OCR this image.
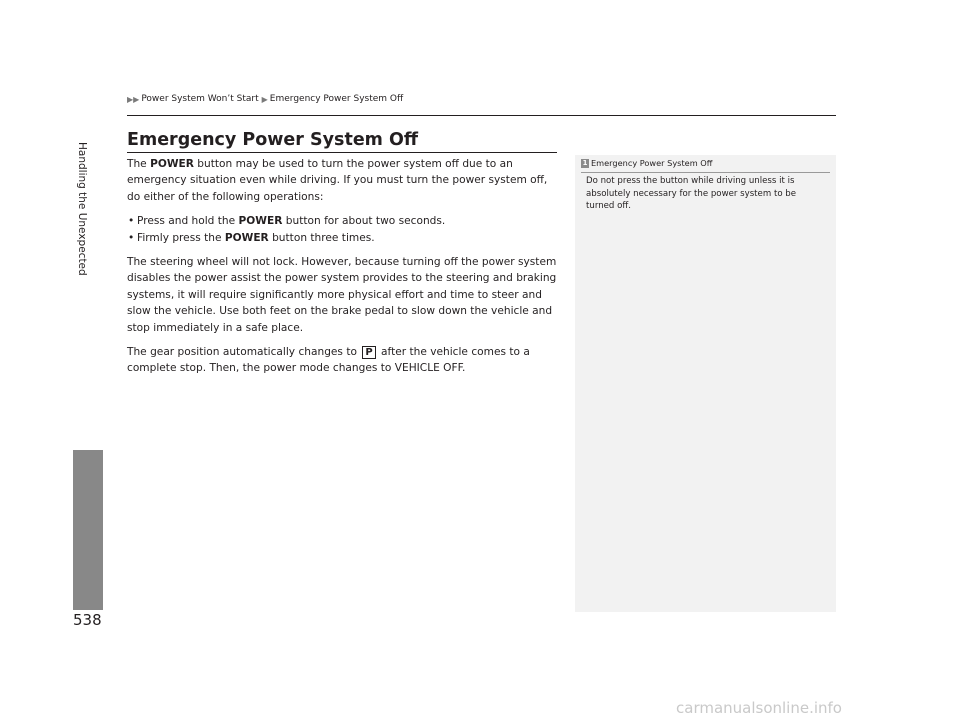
▶▶ Power System Won’t Start ▶ Emergency Power System Off
Handling the Unexpected
538
Emergency Power System Off

The POWER button may be used to turn the power system off due to an emergency situation even while driving. If you must turn the power system off, do either of the following operations:

• Press and hold the POWER button for about two seconds.
• Firmly press the POWER button three times.

The steering wheel will not lock. However, because turning off the power system disables the power assist the power system provides to the steering and braking systems, it will require significantly more physical effort and time to steer and slow the vehicle. Use both feet on the brake pedal to slow down the vehicle and stop immediately in a safe place.

The gear position automatically changes to P after the vehicle comes to a complete stop. Then, the power mode changes to VEHICLE OFF.

1 Emergency Power System Off
Do not press the button while driving unless it is absolutely necessary for the power system to be turned off.
carmanualsonline.info
